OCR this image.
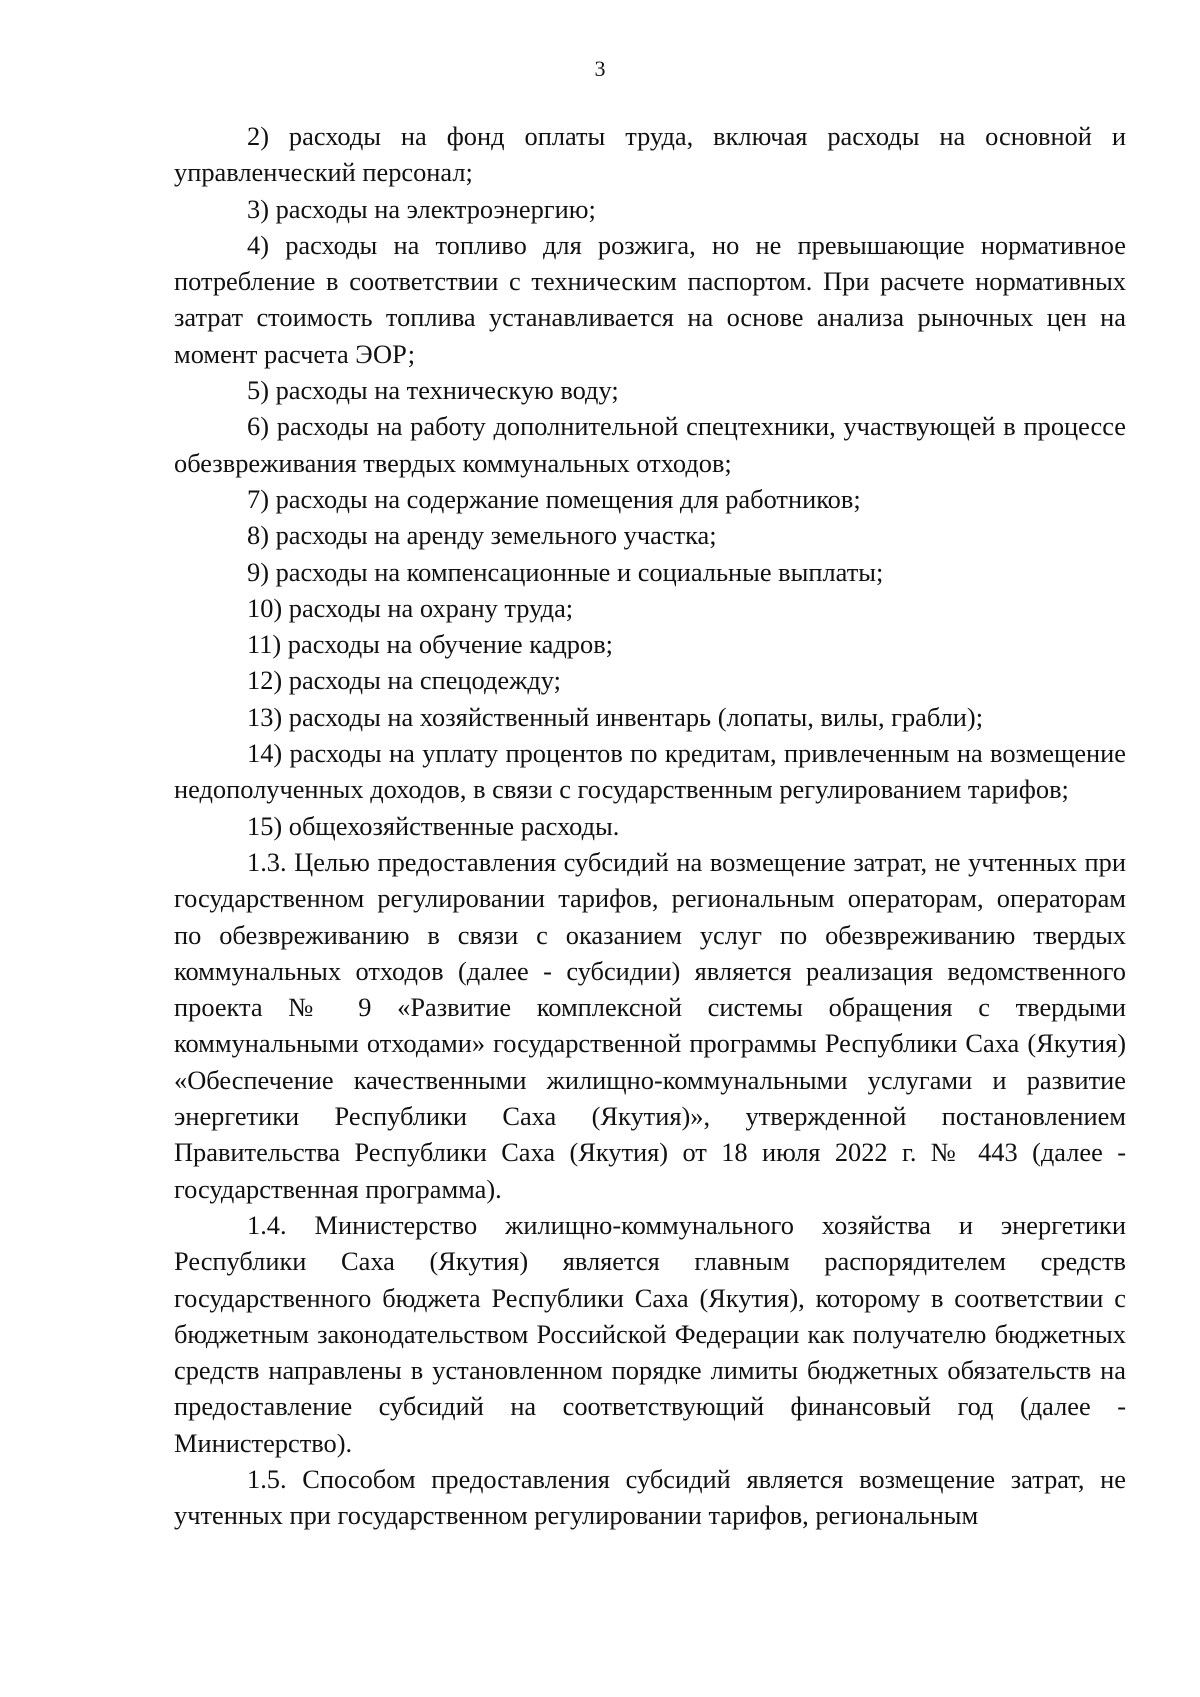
3

2) расходы на фонд оплаты труда, включая расходы на основной и управленческий персонал;

3) расходы на электроэнергию;

4) расходы на топливо для розжига, но не превышающие нормативное потребление в соответствии с техническим паспортом. При расчете нормативных затрат стоимость топлива устанавливается на основе анализа рыночных цен на момент расчета ЭОР;

5) расходы на техническую воду;

6) расходы на работу дополнительной спецтехники, участвующей в процессе обезвреживания твердых коммунальных отходов;

7) расходы на содержание помещения для работников;

8) расходы на аренду земельного участка;

9) расходы на компенсационные и социальные выплаты;

10) расходы на охрану труда;

11) расходы на обучение кадров;

12) расходы на спецодежду;

13) расходы на хозяйственный инвентарь (лопаты, вилы, грабли);

14) расходы на уплату процентов по кредитам, привлеченным на возмещение недополученных доходов, в связи с государственным регулированием тарифов;

15) общехозяйственные расходы.

1.3. Целью предоставления субсидий на возмещение затрат, не учтенных при государственном регулировании тарифов, региональным операторам, операторам по обезвреживанию в связи с оказанием услуг по обезвреживанию твердых коммунальных отходов (далее - субсидии) является реализация ведомственного проекта № 9 «Развитие комплексной системы обращения с твердыми коммунальными отходами» государственной программы Республики Саха (Якутия) «Обеспечение качественными жилищно-коммунальными услугами и развитие энергетики Республики Саха (Якутия)», утвержденной постановлением Правительства Республики Саха (Якутия) от 18 июля 2022 г. № 443 (далее - государственная программа).

1.4. Министерство жилищно-коммунального хозяйства и энергетики Республики Саха (Якутия) является главным распорядителем средств государственного бюджета Республики Саха (Якутия), которому в соответствии с бюджетным законодательством Российской Федерации как получателю бюджетных средств направлены в установленном порядке лимиты бюджетных обязательств на предоставление субсидий на соответствующий финансовый год (далее - Министерство).

1.5. Способом предоставления субсидий является возмещение затрат, не учтенных при государственном регулировании тарифов, региональным
